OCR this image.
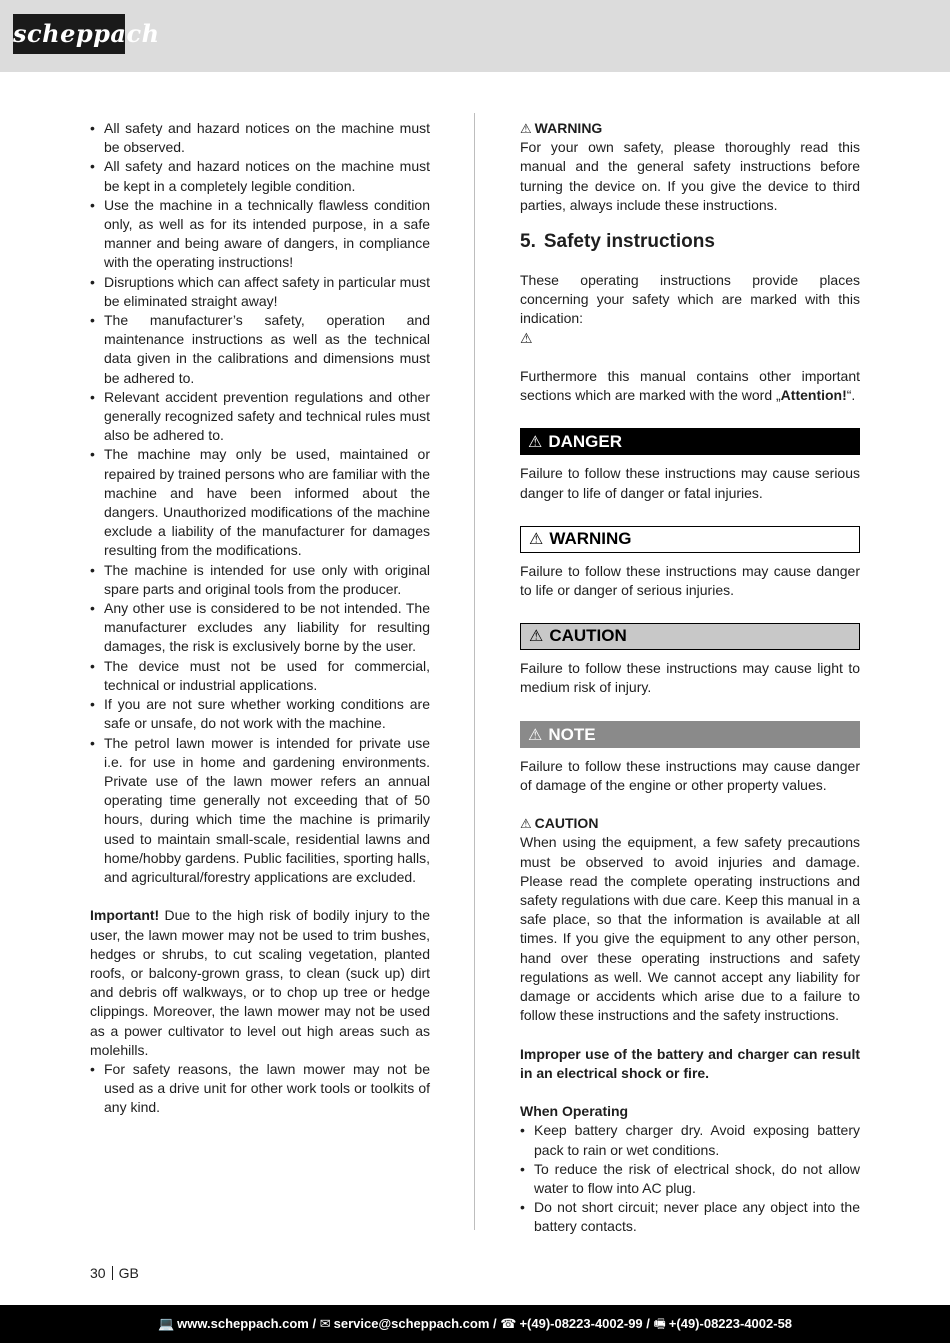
scheppach
• All safety and hazard notices on the machine must be observed.
• All safety and hazard notices on the machine must be kept in a completely legible condition.
• Use the machine in a technically flawless condition only, as well as for its intended purpose, in a safe manner and being aware of dangers, in compliance with the operating instructions!
• Disruptions which can affect safety in particular must be eliminated straight away!
• The manufacturer’s safety, operation and maintenance instructions as well as the technical data given in the calibrations and dimensions must be adhered to.
• Relevant accident prevention regulations and other generally recognized safety and technical rules must also be adhered to.
• The machine may only be used, maintained or repaired by trained persons who are familiar with the machine and have been informed about the dangers. Unauthorized modifications of the machine exclude a liability of the manufacturer for damages resulting from the modifications.
• The machine is intended for use only with original spare parts and original tools from the producer.
• Any other use is considered to be not intended. The manufacturer excludes any liability for resulting damages, the risk is exclusively borne by the user.
• The device must not be used for commercial, technical or industrial applications.
• If you are not sure whether working conditions are safe or unsafe, do not work with the machine.
• The petrol lawn mower is intended for private use i.e. for use in home and gardening environments. Private use of the lawn mower refers an annual operating time generally not exceeding that of 50 hours, during which time the machine is primarily used to maintain small-scale, residential lawns and home/hobby gardens. Public facilities, sporting halls, and agricultural/forestry applications are excluded.

Important! Due to the high risk of bodily injury to the user, the lawn mower may not be used to trim bushes, hedges or shrubs, to cut scaling vegetation, planted roofs, or balcony-grown grass, to clean (suck up) dirt and debris off walkways, or to chop up tree or hedge clippings. Moreover, the lawn mower may not be used as a power cultivator to level out high areas such as molehills.

• For safety reasons, the lawn mower may not be used as a drive unit for other work tools or toolkits of any kind.

⚠ WARNING

For your own safety, please thoroughly read this manual and the general safety instructions before turning the device on. If you give the device to third parties, always include these instructions.

5. Safety instructions

These operating instructions provide places concerning your safety which are marked with this indication:

⚠

Furthermore this manual contains other important sections which are marked with the word „Attention!“.

⚠ DANGER

Failure to follow these instructions may cause serious danger to life of danger or fatal injuries.

⚠ WARNING

Failure to follow these instructions may cause danger to life or danger of serious injuries.

⚠ CAUTION

Failure to follow these instructions may cause light to medium risk of injury.

⚠ NOTE

Failure to follow these instructions may cause danger of damage of the engine or other property values.

⚠ CAUTION

When using the equipment, a few safety precautions must be observed to avoid injuries and damage. Please read the complete operating instructions and safety regulations with due care. Keep this manual in a safe place, so that the information is available at all times. If you give the equipment to any other person, hand over these operating instructions and safety regulations as well. We cannot accept any liability for damage or accidents which arise due to a failure to follow these instructions and the safety instructions.

Improper use of the battery and charger can result in an electrical shock or fire.

When Operating

• Keep battery charger dry. Avoid exposing battery pack to rain or wet conditions.
• To reduce the risk of electrical shock, do not allow water to flow into AC plug.
• Do not short circuit; never place any object into the battery contacts.
30 GB
💻 www.scheppach.com / ✉ service@scheppach.com / ☎ +(49)-08223-4002-99 / 🖷 +(49)-08223-4002-58
